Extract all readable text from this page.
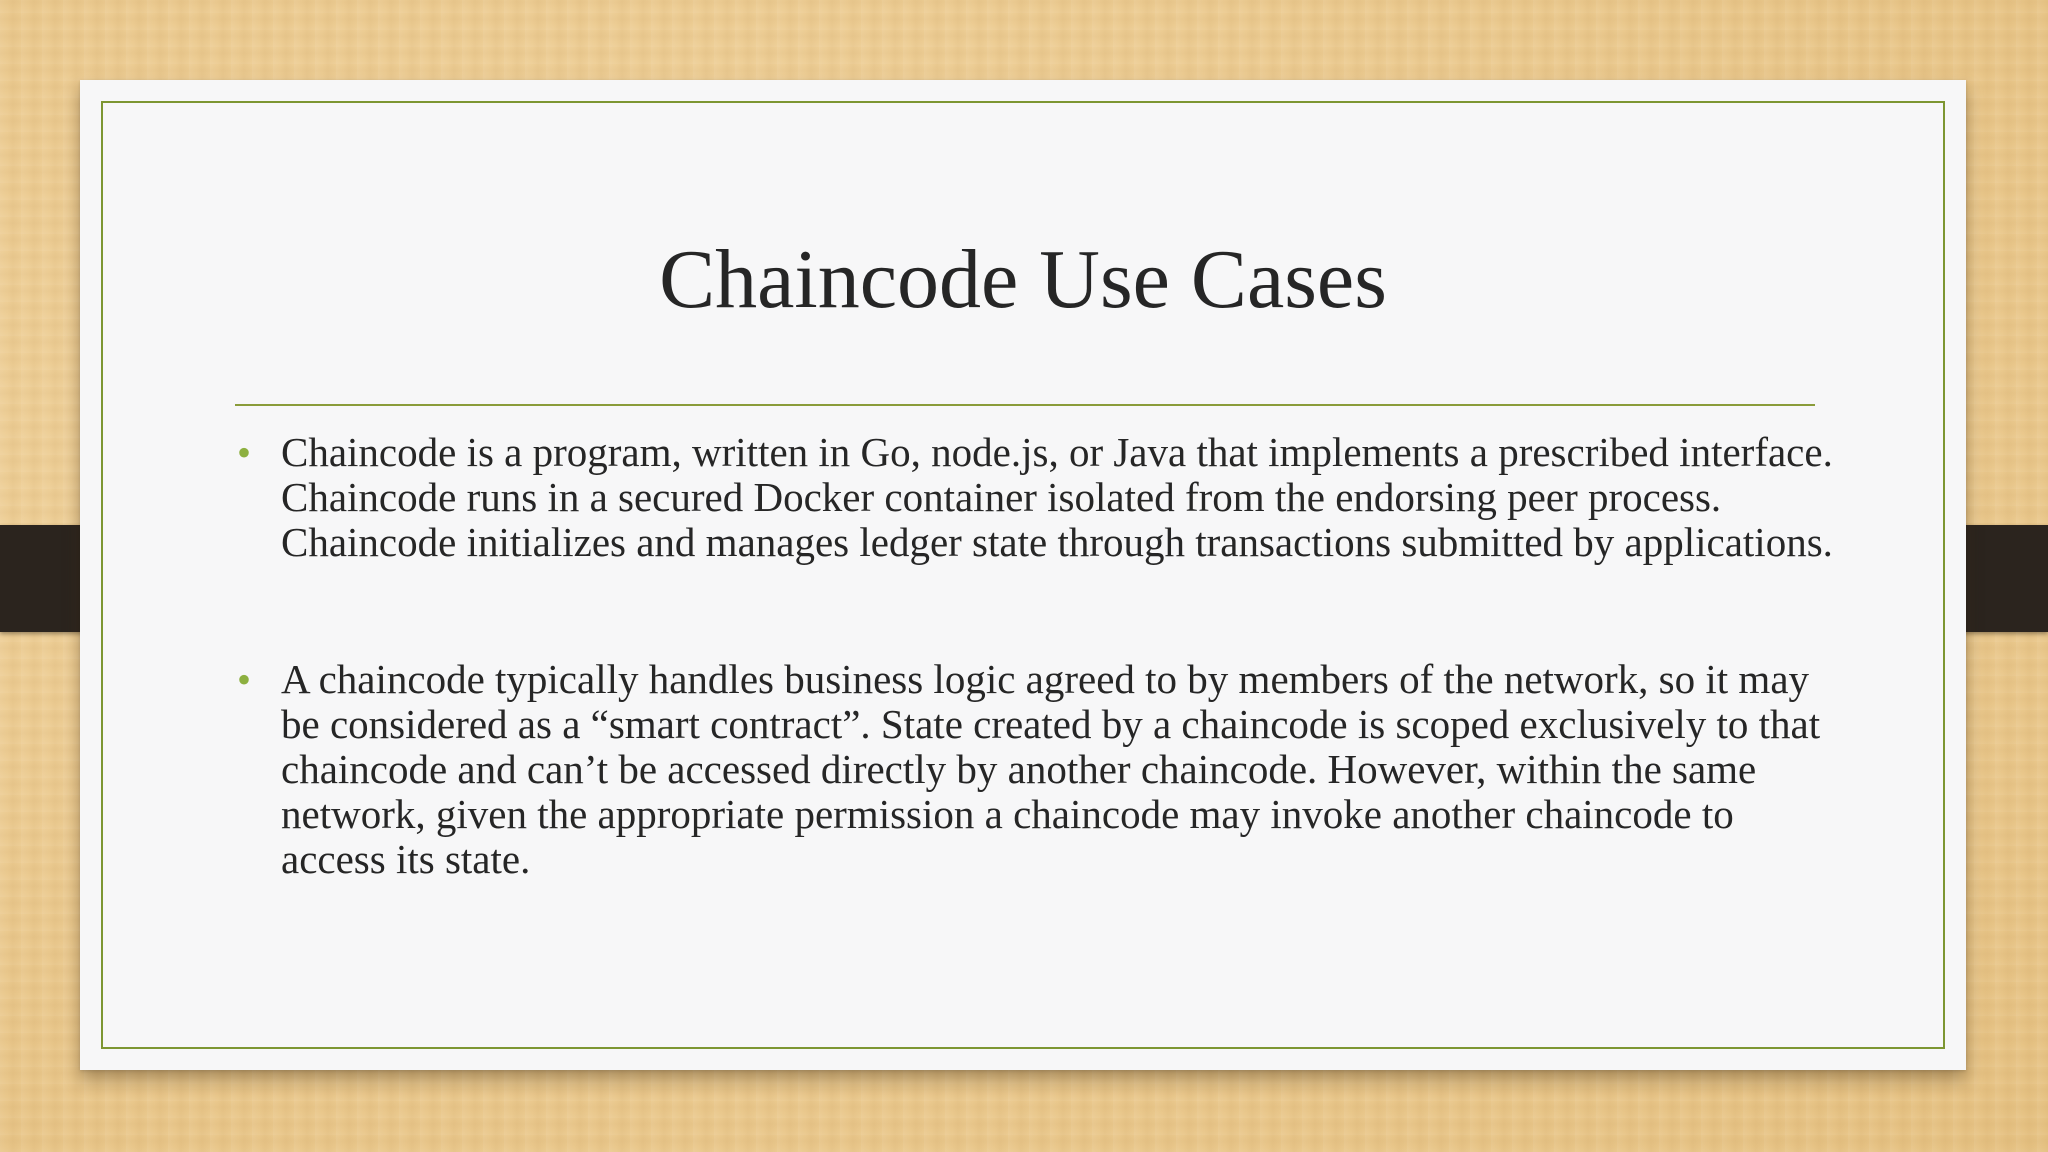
Chaincode Use Cases
• Chaincode is a program, written in Go, node.js, or Java that implements a prescribed interface. Chaincode runs in a secured Docker container isolated from the endorsing peer process. Chaincode initializes and manages ledger state through transactions submitted by applications.
• A chaincode typically handles business logic agreed to by members of the network, so it may be considered as a “smart contract”. State created by a chaincode is scoped exclusively to that chaincode and can’t be accessed directly by another chaincode. However, within the same network, given the appropriate permission a chaincode may invoke another chaincode to access its state.
